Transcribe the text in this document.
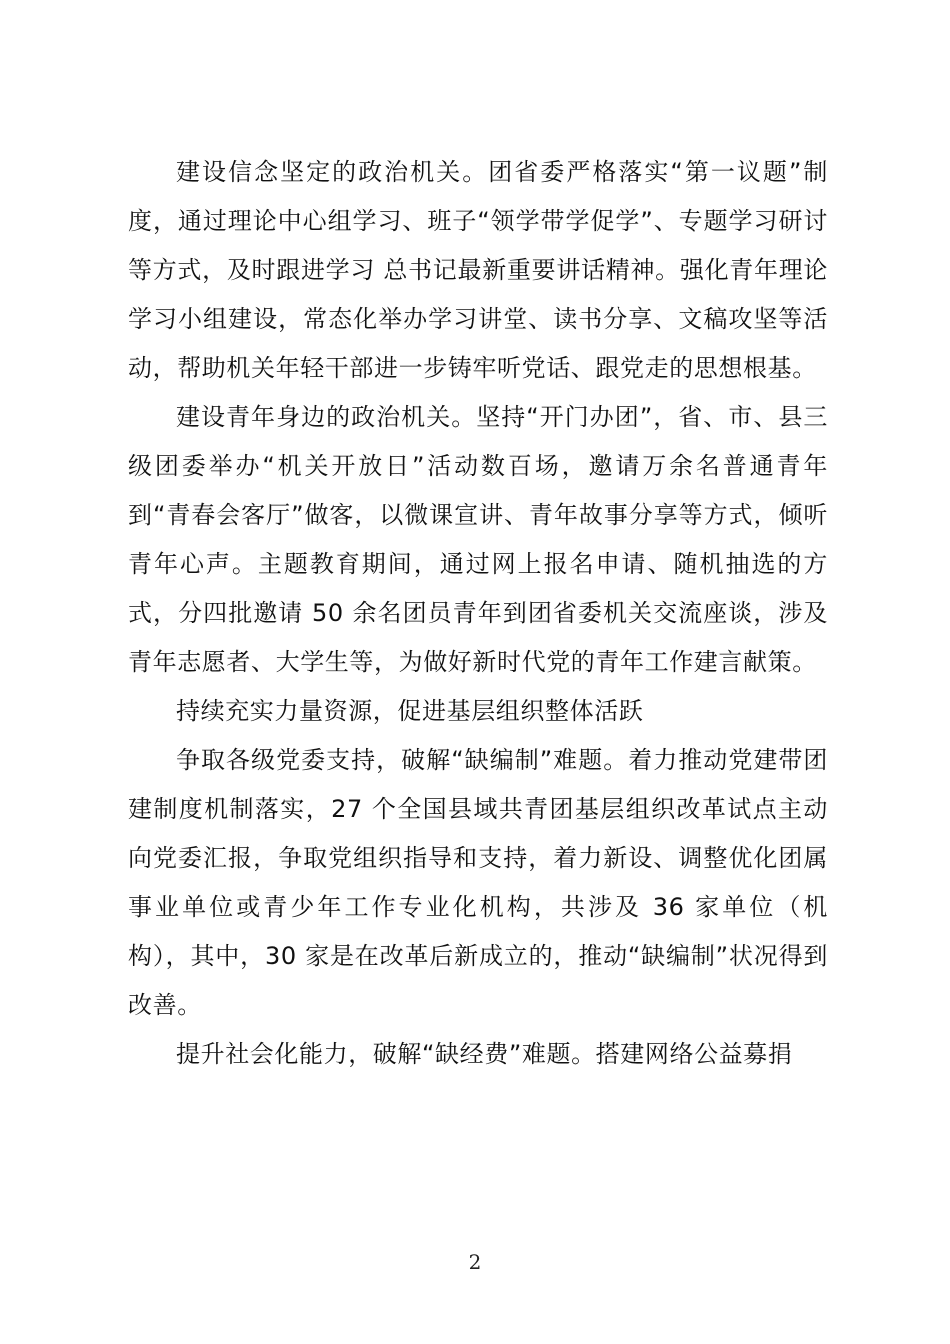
建设信念坚定的政治机关。团省委严格落实“第一议题”制度，通过理论中心组学习、班子“领学带学促学”、专题学习研讨等方式，及时跟进学习 总书记最新重要讲话精神。强化青年理论学习小组建设，常态化举办学习讲堂、读书分享、文稿攻坚等活动，帮助机关年轻干部进一步铸牢听党话、跟党走的思想根基。

建设青年身边的政治机关。坚持“开门办团”，省、市、县三级团委举办“机关开放日”活动数百场，邀请万余名普通青年到“青春会客厅”做客，以微课宣讲、青年故事分享等方式，倾听青年心声。主题教育期间，通过网上报名申请、随机抽选的方式，分四批邀请 50 余名团员青年到团省委机关交流座谈，涉及青年志愿者、大学生等，为做好新时代党的青年工作建言献策。

持续充实力量资源，促进基层组织整体活跃

争取各级党委支持，破解“缺编制”难题。着力推动党建带团建制度机制落实，27 个全国县域共青团基层组织改革试点主动向党委汇报，争取党组织指导和支持，着力新设、调整优化团属事业单位或青少年工作专业化机构，共涉及 36 家单位（机构），其中，30 家是在改革后新成立的，推动“缺编制”状况得到改善。

提升社会化能力，破解“缺经费”难题。搭建网络公益募捐

2
